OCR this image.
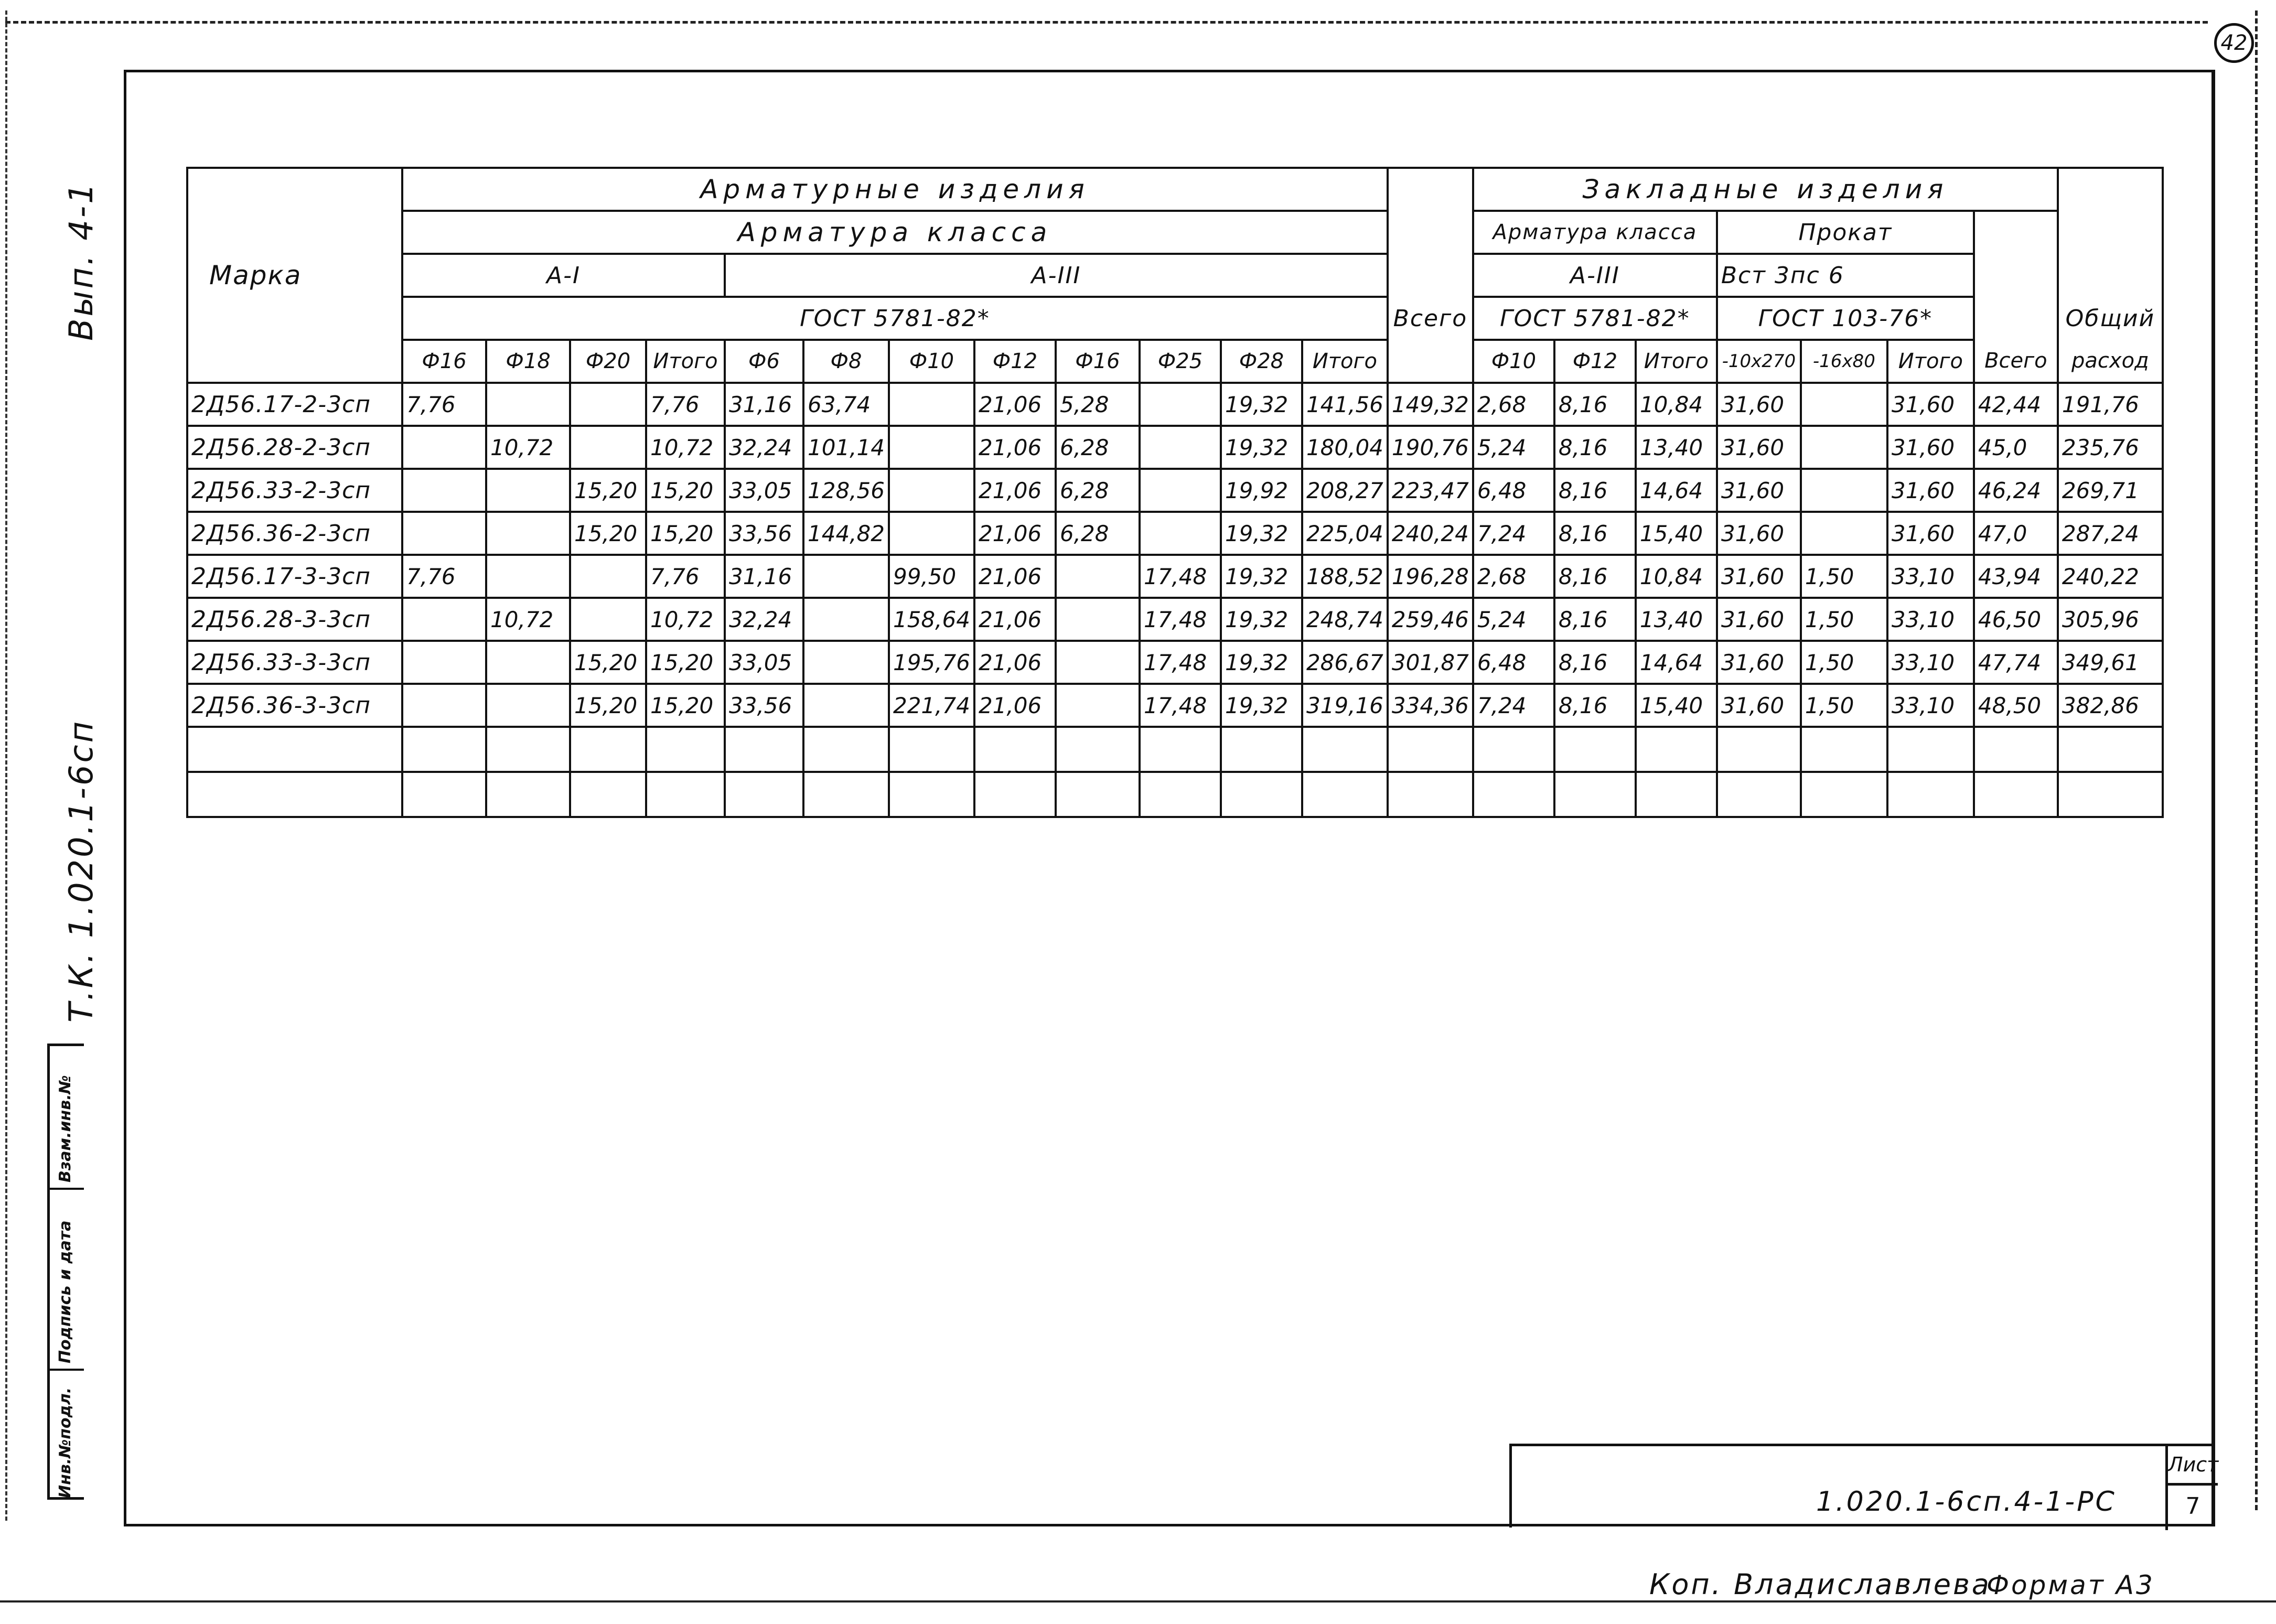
42
Вып. 4-1
Т.К. 1.020.1-6сп
Взам.инв.№
Подпись и дата
Инв.№подл.
Марка	Арматурные изделия													Закладные изделия							
	Арматура класса													Арматура класса			Прокат				
	А-I				А-III									А-III			Вст 3пс 6				
	ГОСТ 5781-82*												Всего	ГОСТ 5781-82*			ГОСТ 103-76*				Общий
	Ф16	Ф18	Ф20	Итого	Ф6	Ф8	Ф10	Ф12	Ф16	Ф25	Ф28	Итого		Ф10	Ф12	Итого	-10x270	-16x80	Итого	Всего	расход
2Д56.17-2-3сп	7,76			7,76	31,16	63,74		21,06	5,28		19,32	141,56	149,32	2,68	8,16	10,84	31,60		31,60	42,44	191,76
2Д56.28-2-3сп		10,72		10,72	32,24	101,14		21,06	6,28		19,32	180,04	190,76	5,24	8,16	13,40	31,60		31,60	45,0	235,76
2Д56.33-2-3сп			15,20	15,20	33,05	128,56		21,06	6,28		19,92	208,27	223,47	6,48	8,16	14,64	31,60		31,60	46,24	269,71
2Д56.36-2-3сп			15,20	15,20	33,56	144,82		21,06	6,28		19,32	225,04	240,24	7,24	8,16	15,40	31,60		31,60	47,0	287,24
2Д56.17-3-3сп	7,76			7,76	31,16		99,50	21,06		17,48	19,32	188,52	196,28	2,68	8,16	10,84	31,60	1,50	33,10	43,94	240,22
2Д56.28-3-3сп		10,72		10,72	32,24		158,64	21,06		17,48	19,32	248,74	259,46	5,24	8,16	13,40	31,60	1,50	33,10	46,50	305,96
2Д56.33-3-3сп			15,20	15,20	33,05		195,76	21,06		17,48	19,32	286,67	301,87	6,48	8,16	14,64	31,60	1,50	33,10	47,74	349,61
2Д56.36-3-3сп			15,20	15,20	33,56		221,74	21,06		17,48	19,32	319,16	334,36	7,24	8,16	15,40	31,60	1,50	33,10	48,50	382,86

1.020.1-6сп.4-1-РС
Лист
7
Коп. Владиславлева
Формат А3
